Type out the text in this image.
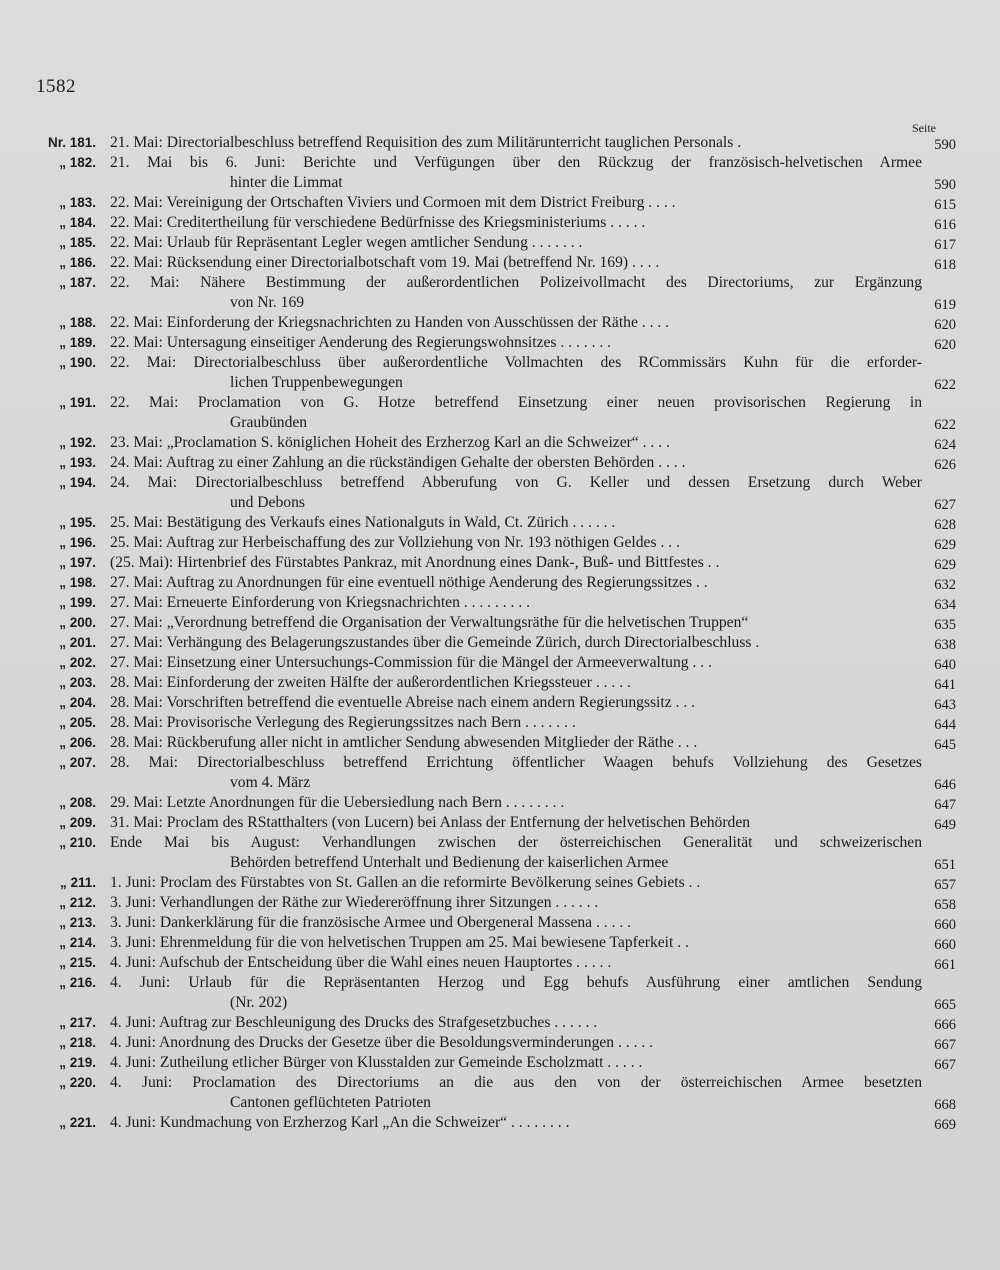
1582
Seite
Nr. 181. 21. Mai: Directorialbeschluss betreffend Requisition des zum Militärunterricht tauglichen Personals .	590
„ 182. 21. Mai bis 6. Juni: Berichte und Verfügungen über den Rückzug der französisch-helvetischen Armee
hinter die Limmat	590
„ 183. 22. Mai: Vereinigung der Ortschaften Viviers und Cormoen mit dem District Freiburg . . . .	615
„ 184. 22. Mai: Creditertheilung für verschiedene Bedürfnisse des Kriegsministeriums . . . . .	616
„ 185. 22. Mai: Urlaub für Repräsentant Legler wegen amtlicher Sendung . . . . . . .	617
„ 186. 22. Mai: Rücksendung einer Directorialbotschaft vom 19. Mai (betreffend Nr. 169) . . . .	618
„ 187. 22. Mai: Nähere Bestimmung der außerordentlichen Polizeivollmacht des Directoriums, zur Ergänzung
von Nr. 169	619
„ 188. 22. Mai: Einforderung der Kriegsnachrichten zu Handen von Ausschüssen der Räthe . . . .	620
„ 189. 22. Mai: Untersagung einseitiger Aenderung des Regierungswohnsitzes . . . . . . .	620
„ 190. 22. Mai: Directorialbeschluss über außerordentliche Vollmachten des RCommissärs Kuhn für die erforder-
lichen Truppenbewegungen	622
„ 191. 22. Mai: Proclamation von G. Hotze betreffend Einsetzung einer neuen provisorischen Regierung in
Graubünden	622
„ 192. 23. Mai: „Proclamation S. königlichen Hoheit des Erzherzog Karl an die Schweizer“ . . . .	624
„ 193. 24. Mai: Auftrag zu einer Zahlung an die rückständigen Gehalte der obersten Behörden . . . .	626
„ 194. 24. Mai: Directorialbeschluss betreffend Abberufung von G. Keller und dessen Ersetzung durch Weber
und Debons	627
„ 195. 25. Mai: Bestätigung des Verkaufs eines Nationalguts in Wald, Ct. Zürich . . . . . .	628
„ 196. 25. Mai: Auftrag zur Herbeischaffung des zur Vollziehung von Nr. 193 nöthigen Geldes . . .	629
„ 197. (25. Mai): Hirtenbrief des Fürstabtes Pankraz, mit Anordnung eines Dank-, Buß- und Bittfestes . .	629
„ 198. 27. Mai: Auftrag zu Anordnungen für eine eventuell nöthige Aenderung des Regierungssitzes . .	632
„ 199. 27. Mai: Erneuerte Einforderung von Kriegsnachrichten . . . . . . . . .	634
„ 200. 27. Mai: „Verordnung betreffend die Organisation der Verwaltungsräthe für die helvetischen Truppen“	635
„ 201. 27. Mai: Verhängung des Belagerungszustandes über die Gemeinde Zürich, durch Directorialbeschluss .	638
„ 202. 27. Mai: Einsetzung einer Untersuchungs-Commission für die Mängel der Armeeverwaltung . . .	640
„ 203. 28. Mai: Einforderung der zweiten Hälfte der außerordentlichen Kriegssteuer . . . . .	641
„ 204. 28. Mai: Vorschriften betreffend die eventuelle Abreise nach einem andern Regierungssitz . . .	643
„ 205. 28. Mai: Provisorische Verlegung des Regierungssitzes nach Bern . . . . . . .	644
„ 206. 28. Mai: Rückberufung aller nicht in amtlicher Sendung abwesenden Mitglieder der Räthe . . .	645
„ 207. 28. Mai: Directorialbeschluss betreffend Errichtung öffentlicher Waagen behufs Vollziehung des Gesetzes
vom 4. März	646
„ 208. 29. Mai: Letzte Anordnungen für die Uebersiedlung nach Bern . . . . . . . .	647
„ 209. 31. Mai: Proclam des RStatthalters (von Lucern) bei Anlass der Entfernung der helvetischen Behörden	649
„ 210. Ende Mai bis August: Verhandlungen zwischen der österreichischen Generalität und schweizerischen
Behörden betreffend Unterhalt und Bedienung der kaiserlichen Armee	651
„ 211. 1. Juni: Proclam des Fürstabtes von St. Gallen an die reformirte Bevölkerung seines Gebiets . .	657
„ 212. 3. Juni: Verhandlungen der Räthe zur Wiedereröffnung ihrer Sitzungen . . . . . .	658
„ 213. 3. Juni: Dankerklärung für die französische Armee und Obergeneral Massena . . . . .	660
„ 214. 3. Juni: Ehrenmeldung für die von helvetischen Truppen am 25. Mai bewiesene Tapferkeit . .	660
„ 215. 4. Juni: Aufschub der Entscheidung über die Wahl eines neuen Hauptortes . . . . .	661
„ 216. 4. Juni: Urlaub für die Repräsentanten Herzog und Egg behufs Ausführung einer amtlichen Sendung
(Nr. 202)	665
„ 217. 4. Juni: Auftrag zur Beschleunigung des Drucks des Strafgesetzbuches . . . . . .	666
„ 218. 4. Juni: Anordnung des Drucks der Gesetze über die Besoldungsverminderungen . . . . .	667
„ 219. 4. Juni: Zutheilung etlicher Bürger von Klusstalden zur Gemeinde Escholzmatt . . . . .	667
„ 220. 4. Juni: Proclamation des Directoriums an die aus den von der österreichischen Armee besetzten
Cantonen geflüchteten Patrioten	668
„ 221. 4. Juni: Kundmachung von Erzherzog Karl „An die Schweizer“ . . . . . . . .	669
